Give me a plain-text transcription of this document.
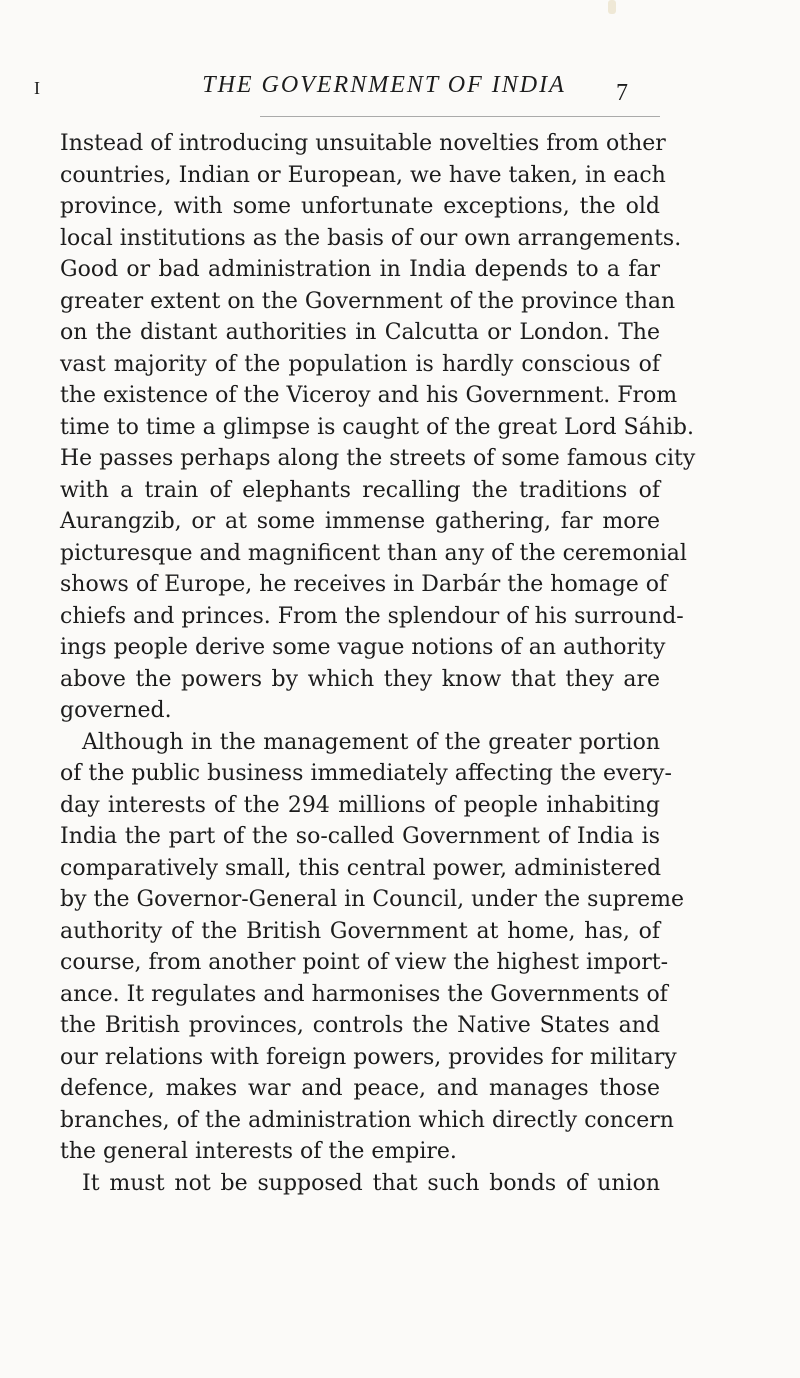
I	THE GOVERNMENT OF INDIA	7
Instead of introducing unsuitable novelties from other
countries, Indian or European, we have taken, in each
province, with some unfortunate exceptions, the old
local institutions as the basis of our own arrangements.
Good or bad administration in India depends to a far
greater extent on the Government of the province than
on the distant authorities in Calcutta or London. The
vast majority of the population is hardly conscious of
the existence of the Viceroy and his Government. From
time to time a glimpse is caught of the great Lord Sáhib.
He passes perhaps along the streets of some famous city
with a train of elephants recalling the traditions of
Aurangzib, or at some immense gathering, far more
picturesque and magnificent than any of the ceremonial
shows of Europe, he receives in Darbár the homage of
chiefs and princes. From the splendour of his surround-
ings people derive some vague notions of an authority
above the powers by which they know that they are
governed.
Although in the management of the greater portion
of the public business immediately affecting the every-
day interests of the 294 millions of people inhabiting
India the part of the so-called Government of India is
comparatively small, this central power, administered
by the Governor-General in Council, under the supreme
authority of the British Government at home, has, of
course, from another point of view the highest import-
ance. It regulates and harmonises the Governments of
the British provinces, controls the Native States and
our relations with foreign powers, provides for military
defence, makes war and peace, and manages those
branches, of the administration which directly concern
the general interests of the empire.
It must not be supposed that such bonds of union
